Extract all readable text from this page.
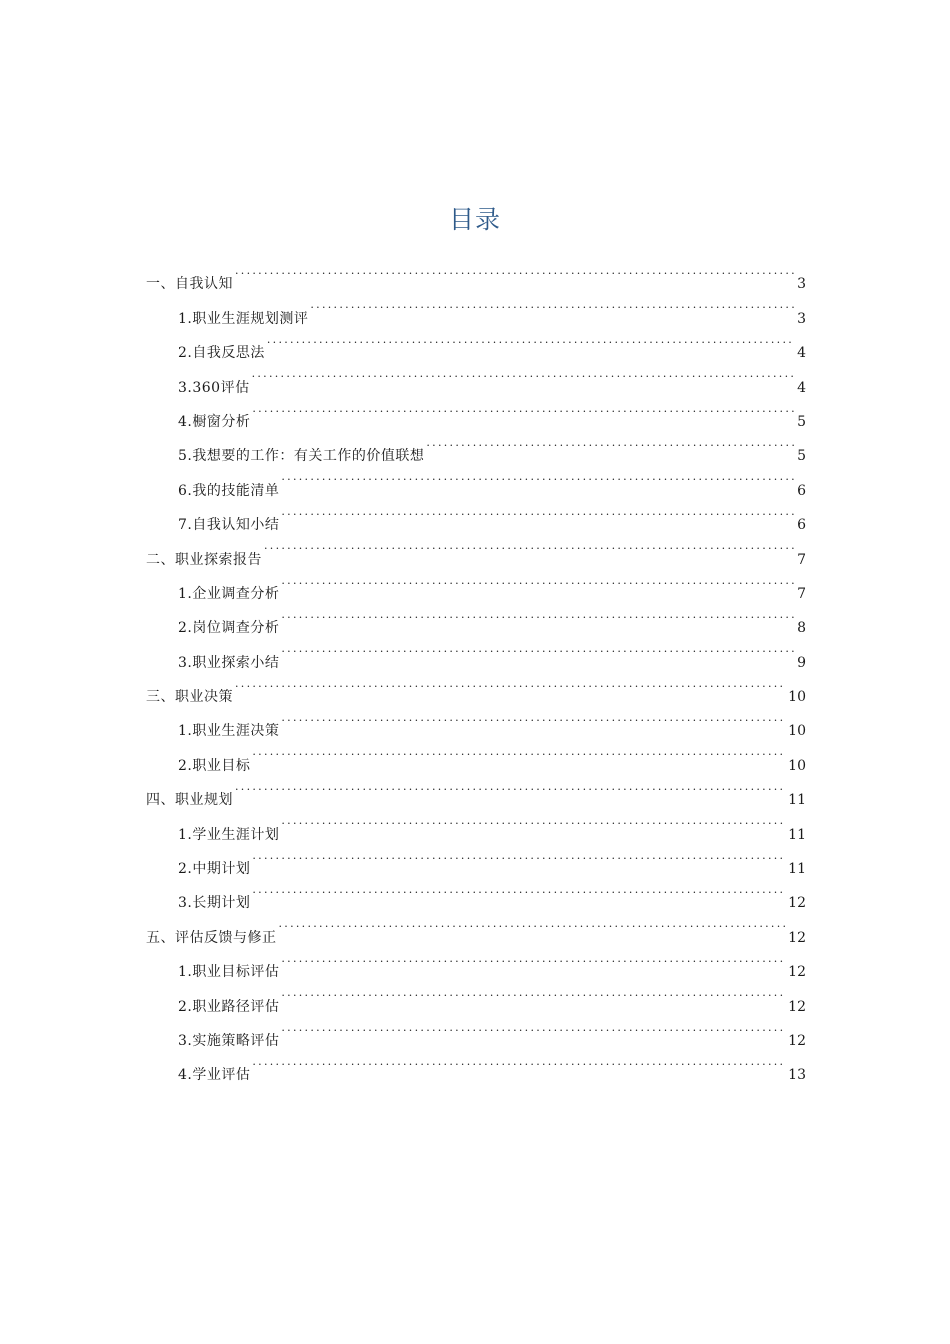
目录
一、自我认知 . . .	3
1.职业生涯规划测评 . . .	3
2.自我反思法 . . .	4
3.360评估 . . .	4
4.橱窗分析 . . .	5
5.我想要的工作：有关工作的价值联想 . . .	5
6.我的技能清单 . . .	6
7.自我认知小结 . . .	6
二、职业探索报告 . . .	7
1.企业调查分析 . . .	7
2.岗位调查分析 . . .	8
3.职业探索小结 . . .	9
三、职业决策 . . .	10
1.职业生涯决策 . . .	10
2.职业目标 . . .	10
四、职业规划 . . .	11
1.学业生涯计划 . . .	11
2.中期计划 . . .	11
3.长期计划 . . .	12
五、评估反馈与修正 . . .	12
1.职业目标评估 . . .	12
2.职业路径评估 . . .	12
3.实施策略评估 . . .	12
4.学业评估 . . .	13
